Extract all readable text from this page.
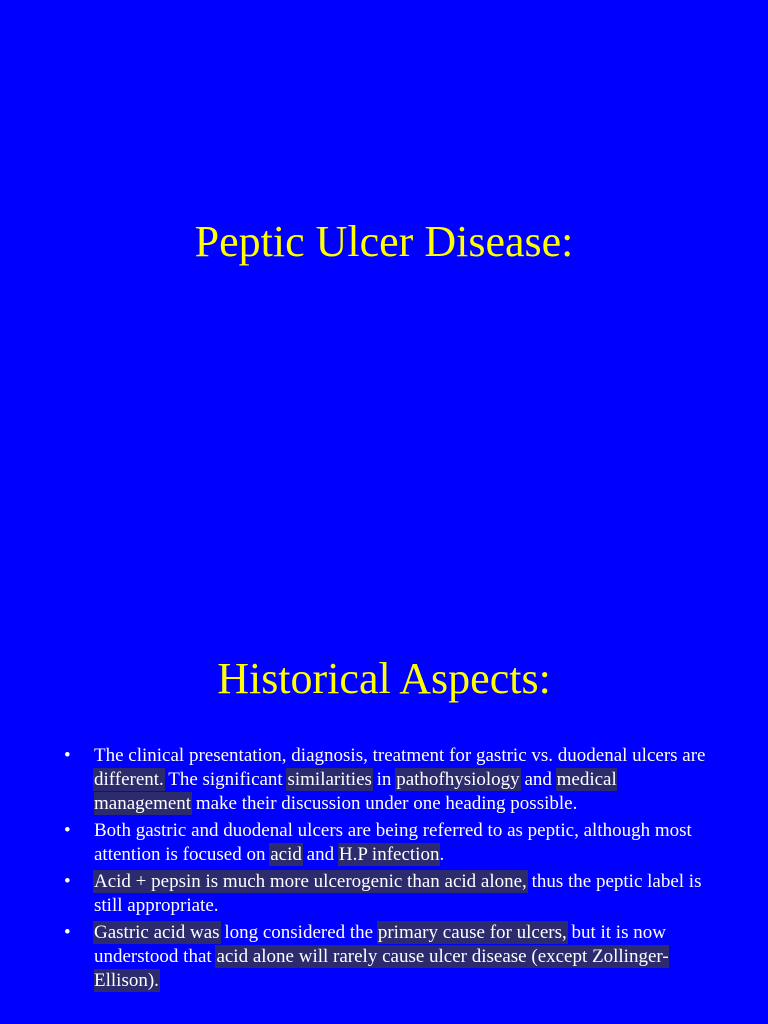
Peptic Ulcer Disease:
Historical Aspects:
• The clinical presentation, diagnosis, treatment for gastric vs. duodenal ulcers are different. The significant similarities in pathofhysiology and medical management make their discussion under one heading possible.
• Both gastric and duodenal ulcers are being referred to as peptic, although most attention is focused on acid and H.P infection.
• Acid + pepsin is much more ulcerogenic than acid alone, thus the peptic label is still appropriate.
• Gastric acid was long considered the primary cause for ulcers, but it is now understood that acid alone will rarely cause ulcer disease (except Zollinger-Ellison).
